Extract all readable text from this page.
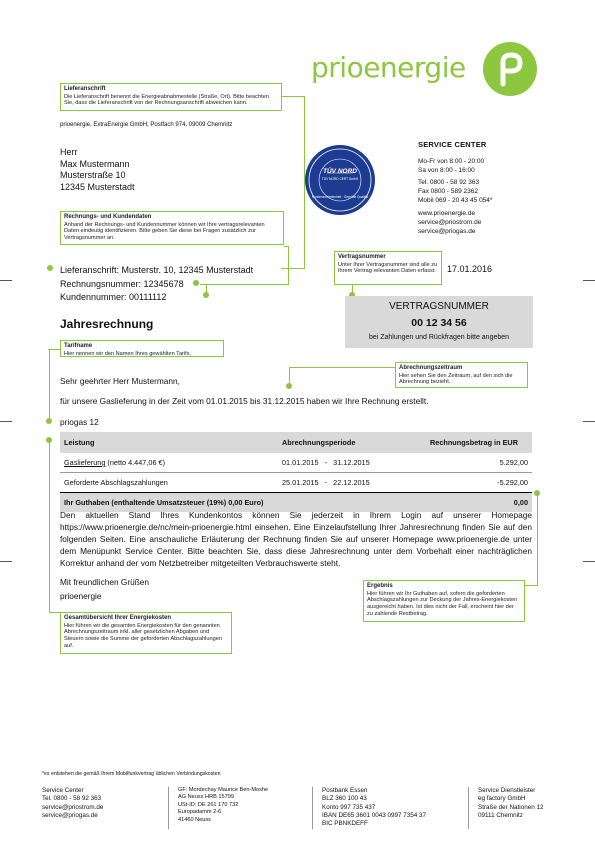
prioenergie
Lieferanschrift
Die Lieferanschrift benennt die Energieabnahmestelle (Straße, Ort). Bitte beachten Sie, dass die Lieferanschrift von der Rechnungsanschrift abweichen kann.
prioenergie, ExtraEnergie GmbH, Postfach 974, 09009 Chemnitz
Herr
Max Mustermann
Musterstraße 10
12345 Musterstadt
TÜV NORD
TÜV NORD CERT GmbH
Kundenzufriedenheit · Geprüfte Qualität
SERVICE CENTER
Mo-Fr von 8:00 - 20:00
Sa von 8:00 - 16:00
Tel. 0800 - 58 92 363
Fax 0800 - 589 2362
Mobil 069 - 20 43 45 054*
www.prioenergie.de
service@priostrom.de
service@priogas.de
Rechnungs- und Kundendaten
Anhand der Rechnungs- und Kundennummer können wir Ihre vertragsrelevanten Daten eindeutig identifizieren. Bitte geben Sie diese bei Fragen zusätzlich zur Vertragsnummer an.
Lieferanschrift: Musterstr. 10, 12345 Musterstadt
Rechnungsnummer: 12345678
Kundennummer: 00111112
Vertragsnummer
Unter Ihrer Vertragsnummer sind alle zu Ihrem Vertrag relevanten Daten erfasst.	17.01.2016
VERTRAGSNUMMER
00 12 34 56
bei Zahlungen und Rückfragen bitte angeben
Jahresrechnung
Tarifname
Hier nennen wir den Namen Ihres gewählten Tarifs.
Abrechnungszeitraum
Hier sehen Sie den Zeitraum, auf den sich die Abrechnung bezieht.
Sehr geehrter Herr Mustermann,
für unsere Gaslieferung in der Zeit vom 01.01.2015 bis 31.12.2015 haben wir Ihre Rechnung erstellt.
priogas 12
Leistung	Abrechnungsperiode	Rechnungsbetrag in EUR
Gaslieferung (netto 4.447,06 €)	01.01.2015 - 31.12.2015	5.292,00
Geforderte Abschlagszahlungen	25.01.2015 - 22.12.2015	-5.292,00
Ihr Guthaben (enthaltende Umsatzsteuer (19%) 0,00 Euro)		0,00
Den aktuellen Stand Ihres Kundenkontos können Sie jederzeit in Ihrem Login auf unserer Homepage https://www.prioenergie.de/nc/mein-prioenergie.html einsehen. Eine Einzelaufstellung Ihrer Jahresrechnung finden Sie auf den folgenden Seiten. Eine anschauliche Erläuterung der Rechnung finden Sie auf unserer Homepage www.prioenergie.de unter dem Menüpunkt Service Center. Bitte beachten Sie, dass diese Jahresrechnung unter dem Vorbehalt einer nachträglichen Korrektur anhand der vom Netzbetreiber mitgeteilten Verbrauchswerte steht.
Mit freundlichen Grüßen
prioenergie
Ergebnis
Hier führen wir Ihr Guthaben auf, sofern die geforderten Abschlagszahlungen zur Deckung der Jahres-Energiekosten ausgereicht haben. Ist dies nicht der Fall, erscheint hier der zu zahlende Restbetrag.
Gesamtübersicht Ihrer Energiekosten
Hier führen wir die gesamten Energiekosten für den genannten Abrechnungszeitraum inkl. aller gesetzlichen Abgaben und Steuern sowie die Summe der geforderten Abschlagszahlungen auf.
*es entstehen die gemäß Ihrem Mobilfunkvertrag üblichen Verbindungskosten
Service Center
Tel. 0800 - 58 92 363
service@priostrom.de
service@priogas.de
GF: Mordechay Maurice Ben-Moshe
AG Neuss HRB 15799
USt-ID: DE 261 170 732
Europadamm 2-6
41460 Neuss
Postbank Essen
BLZ 360 100 43
Konto 997 735 437
IBAN DE65 3601 0043 0997 7354 37
BIC PBNKDEFF
Service Dienstleister
eg factory GmbH
Straße der Nationen 12
09111 Chemnitz
